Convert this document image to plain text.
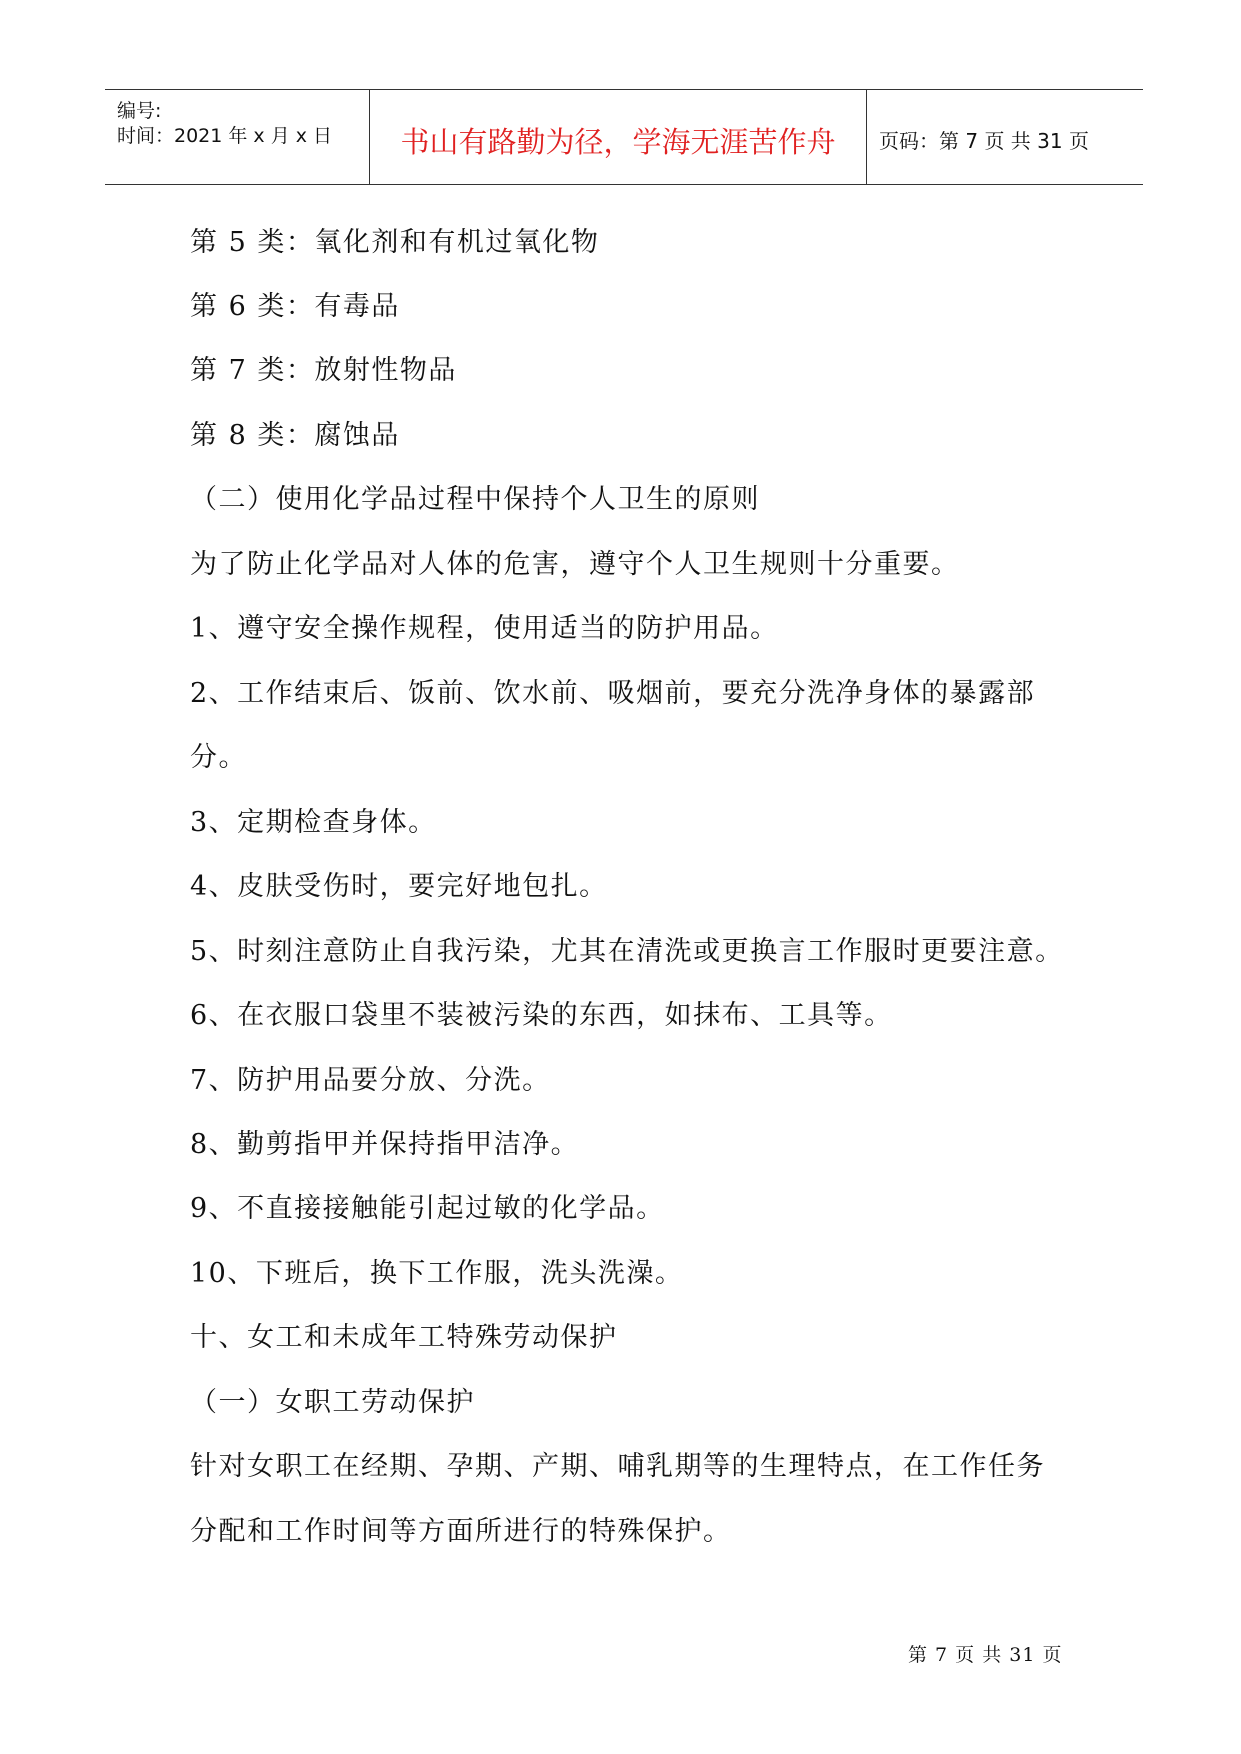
编号:
时间：2021 年 x 月 x 日	书山有路勤为径，学海无涯苦作舟	页码：第 7 页 共 31 页
第 5 类：氧化剂和有机过氧化物
第 6 类：有毒品
第 7 类：放射性物品
第 8 类：腐蚀品
（二）使用化学品过程中保持个人卫生的原则
为了防止化学品对人体的危害，遵守个人卫生规则十分重要。
1、遵守安全操作规程，使用适当的防护用品。
2、工作结束后、饭前、饮水前、吸烟前，要充分洗净身体的暴露部
分。
3、定期检查身体。
4、皮肤受伤时，要完好地包扎。
5、时刻注意防止自我污染，尤其在清洗或更换言工作服时更要注意。
6、在衣服口袋里不装被污染的东西，如抹布、工具等。
7、防护用品要分放、分洗。
8、勤剪指甲并保持指甲洁净。
9、不直接接触能引起过敏的化学品。
10、下班后，换下工作服，洗头洗澡。
十、女工和未成年工特殊劳动保护
（一）女职工劳动保护
针对女职工在经期、孕期、产期、哺乳期等的生理特点，在工作任务
分配和工作时间等方面所进行的特殊保护。
第 7 页 共 31 页
